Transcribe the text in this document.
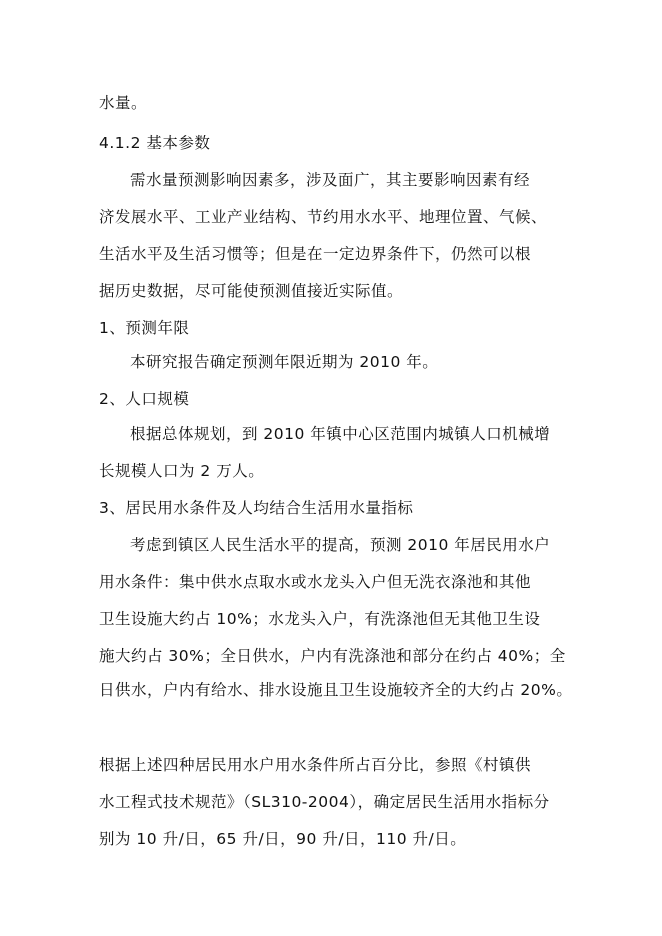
水量。
4.1.2 基本参数
需水量预测影响因素多，涉及面广，其主要影响因素有经
济发展水平、工业产业结构、节约用水水平、地理位置、气候、
生活水平及生活习惯等；但是在一定边界条件下，仍然可以根
据历史数据，尽可能使预测值接近实际值。
1、预测年限
本研究报告确定预测年限近期为 2010 年。
2、人口规模
根据总体规划，到 2010 年镇中心区范围内城镇人口机械增
长规模人口为 2 万人。
3、居民用水条件及人均结合生活用水量指标
考虑到镇区人民生活水平的提高，预测 2010 年居民用水户
用水条件：集中供水点取水或水龙头入户但无洗衣涤池和其他
卫生设施大约占 10%；水龙头入户，有洗涤池但无其他卫生设
施大约占 30%；全日供水，户内有洗涤池和部分在约占 40%；全
日供水，户内有给水、排水设施且卫生设施较齐全的大约占 20%。
根据上述四种居民用水户用水条件所占百分比，参照《村镇供
水工程式技术规范》（SL310-2004），确定居民生活用水指标分
别为 10 升/日，65 升/日，90 升/日，110 升/日。
